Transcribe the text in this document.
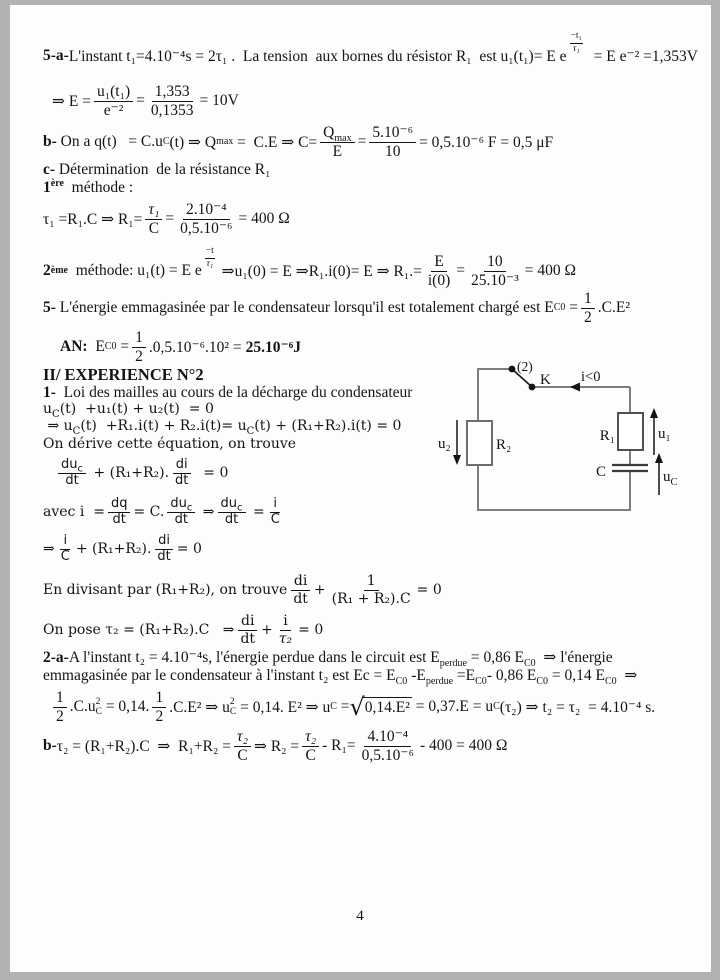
5-a- L'instant t₁=4.10⁻⁴s = 2τ₁ .  La tension  aux bornes du résistor R₁  est u₁(t₁)= E e
$\frac{\text{−t₁}}{\text{τ₁}}$
= E e⁻² =1,353V
⇒ $E = \frac{\text{u₁(t₁)}}{\text{e⁻²}} = \frac{1,353}{0,1353} = 10V$
b- On a q(t)   = C.u C (t) ⇒ Q max =  C.E ⇒ C=
$Q_{max}$
E
= $\frac{\text{5.10⁻⁶}}{10} = 0,5.10^{-6}$ F = 0,5 μF
c- Détermination  de la résistance R₁
1ère  méthode :
τ₁ =R₁.C ⇒ $R_1= \frac{\text{τ₁}}{C} = \frac{\text{2.10⁻⁴}}{\text{0,5.10⁻⁶}} = 400$ Ω
2 ème méthode: u₁(t) = E e
$\frac{-t}{\text{τ₁}}$
⇒u₁(0) = E ⇒R₁.i(0)= E ⇒ $R_1.= \frac{E}{i(0)} = \frac{10}{\text{25.10⁻³}} = 400$ Ω
5- L'énergie emmagasinée par le condensateur lorsqu'il est totalement chargé est E $C0 = \frac{1}{2} .C.E^2$
AN: E $C0 = \frac{1}{2} .0,5.10^{-6}.10^2 = 25.10^{-6}J$
II/ EXPERIENCE N°2
1-  Loi des mailles au cours de la décharge du condensateur
$u_C(t) +u_1(t) + u_2(t) = 0$
⇒ $u_C(t) +R_1.i(t) + R_2.i(t)= u_C(t) + (R_1+R_2).i(t) = 0$
On dérive cette équation, on trouve
$du_c$
dt + (R₁+R₂). $\frac{di}{dt} = 0$
avec $i = \frac{dq}{dt} = C$.
$du_c$
dt ⇒
$du_c$
dt = $\frac{i}{C}$
⇒ $\frac{i}{C} + (R_1+R_2)$. $\frac{di}{dt} = 0$
En divisant par (R₁+R₂), on trouve $\frac{di}{dt} + \frac{1}{\text{(R₁ + R₂).C}} = 0$
On pose τ₂ = (R₁+R₂).C   ⇒ $\frac{di}{dt} + \frac{i}{\text{τ₂}} = 0$
2-a-A l'instant t₂ = 4.10⁻⁴s, l'énergie perdue dans le circuit est $E_{perdue} = 0,86$ $E_{C0}$  ⇒ l'énergie
emmagasinée par le condensateur à l'instant t₂ est $Ec = E_{C0}$ $-E_{perdue} =E_{C0}-$ 0,86 $E_{C0} = 0,14$ $E_{C0}$  ⇒
$\frac{1}{2} .C.u$ 2
C = 0,14. $\frac{1}{2} .C.E^2$ ⇒ u 2
C = 0,14. E² ⇒ u C = √ 0,14.E² = 0,37.E = u C (τ₂) ⇒ t₂ = τ₂  = 4.10⁻⁴ s.
b- τ₂ = (R₁+R₂).C  ⇒  $R_1+R_2 = \frac{\text{τ₂}}{C}$ ⇒ $R_2 = \frac{\text{τ₂}}{C} - R_1= \frac{\text{4.10⁻⁴}}{\text{0,5.10⁻⁶}} - 400 = 400$ Ω
(2)
K i<0
u₂	R₂
R₁	u₁
C	$u_C$
4
